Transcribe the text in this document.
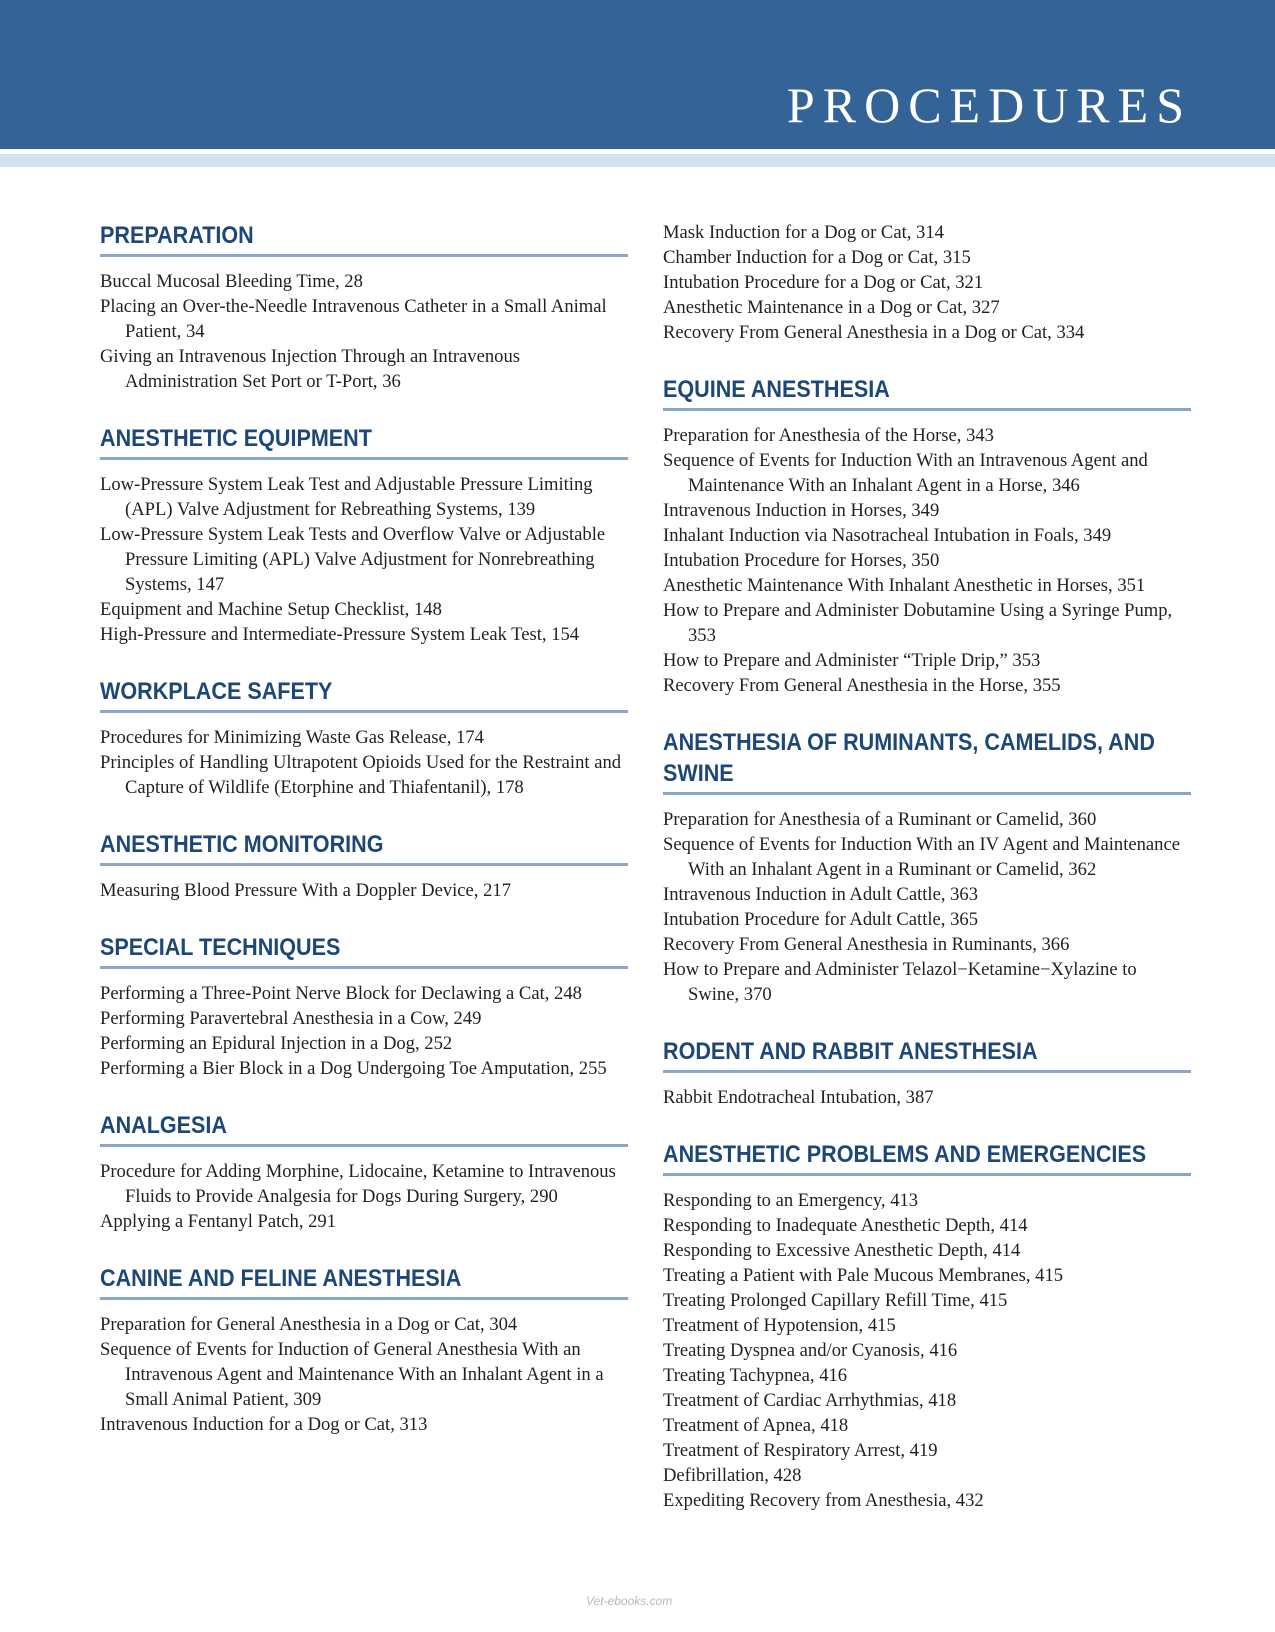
PROCEDURES
PREPARATION
Buccal Mucosal Bleeding Time, 28
Placing an Over-the-Needle Intravenous Catheter in a Small Animal Patient, 34
Giving an Intravenous Injection Through an Intravenous Administration Set Port or T-Port, 36
ANESTHETIC EQUIPMENT
Low-Pressure System Leak Test and Adjustable Pressure Limiting (APL) Valve Adjustment for Rebreathing Systems, 139
Low-Pressure System Leak Tests and Overflow Valve or Adjustable Pressure Limiting (APL) Valve Adjustment for Nonrebreathing Systems, 147
Equipment and Machine Setup Checklist, 148
High-Pressure and Intermediate-Pressure System Leak Test, 154
WORKPLACE SAFETY
Procedures for Minimizing Waste Gas Release, 174
Principles of Handling Ultrapotent Opioids Used for the Restraint and Capture of Wildlife (Etorphine and Thiafentanil), 178
ANESTHETIC MONITORING
Measuring Blood Pressure With a Doppler Device, 217
SPECIAL TECHNIQUES
Performing a Three-Point Nerve Block for Declawing a Cat, 248
Performing Paravertebral Anesthesia in a Cow, 249
Performing an Epidural Injection in a Dog, 252
Performing a Bier Block in a Dog Undergoing Toe Amputation, 255
ANALGESIA
Procedure for Adding Morphine, Lidocaine, Ketamine to Intravenous Fluids to Provide Analgesia for Dogs During Surgery, 290
Applying a Fentanyl Patch, 291
CANINE AND FELINE ANESTHESIA
Preparation for General Anesthesia in a Dog or Cat, 304
Sequence of Events for Induction of General Anesthesia With an Intravenous Agent and Maintenance With an Inhalant Agent in a Small Animal Patient, 309
Intravenous Induction for a Dog or Cat, 313
Mask Induction for a Dog or Cat, 314
Chamber Induction for a Dog or Cat, 315
Intubation Procedure for a Dog or Cat, 321
Anesthetic Maintenance in a Dog or Cat, 327
Recovery From General Anesthesia in a Dog or Cat, 334
EQUINE ANESTHESIA
Preparation for Anesthesia of the Horse, 343
Sequence of Events for Induction With an Intravenous Agent and Maintenance With an Inhalant Agent in a Horse, 346
Intravenous Induction in Horses, 349
Inhalant Induction via Nasotracheal Intubation in Foals, 349
Intubation Procedure for Horses, 350
Anesthetic Maintenance With Inhalant Anesthetic in Horses, 351
How to Prepare and Administer Dobutamine Using a Syringe Pump, 353
How to Prepare and Administer “Triple Drip,” 353
Recovery From General Anesthesia in the Horse, 355
ANESTHESIA OF RUMINANTS, CAMELIDS, AND SWINE
Preparation for Anesthesia of a Ruminant or Camelid, 360
Sequence of Events for Induction With an IV Agent and Maintenance With an Inhalant Agent in a Ruminant or Camelid, 362
Intravenous Induction in Adult Cattle, 363
Intubation Procedure for Adult Cattle, 365
Recovery From General Anesthesia in Ruminants, 366
How to Prepare and Administer Telazol−Ketamine−Xylazine to Swine, 370
RODENT AND RABBIT ANESTHESIA
Rabbit Endotracheal Intubation, 387
ANESTHETIC PROBLEMS AND EMERGENCIES
Responding to an Emergency, 413
Responding to Inadequate Anesthetic Depth, 414
Responding to Excessive Anesthetic Depth, 414
Treating a Patient with Pale Mucous Membranes, 415
Treating Prolonged Capillary Refill Time, 415
Treatment of Hypotension, 415
Treating Dyspnea and/or Cyanosis, 416
Treating Tachypnea, 416
Treatment of Cardiac Arrhythmias, 418
Treatment of Apnea, 418
Treatment of Respiratory Arrest, 419
Defibrillation, 428
Expediting Recovery from Anesthesia, 432
Vet-ebooks.com
